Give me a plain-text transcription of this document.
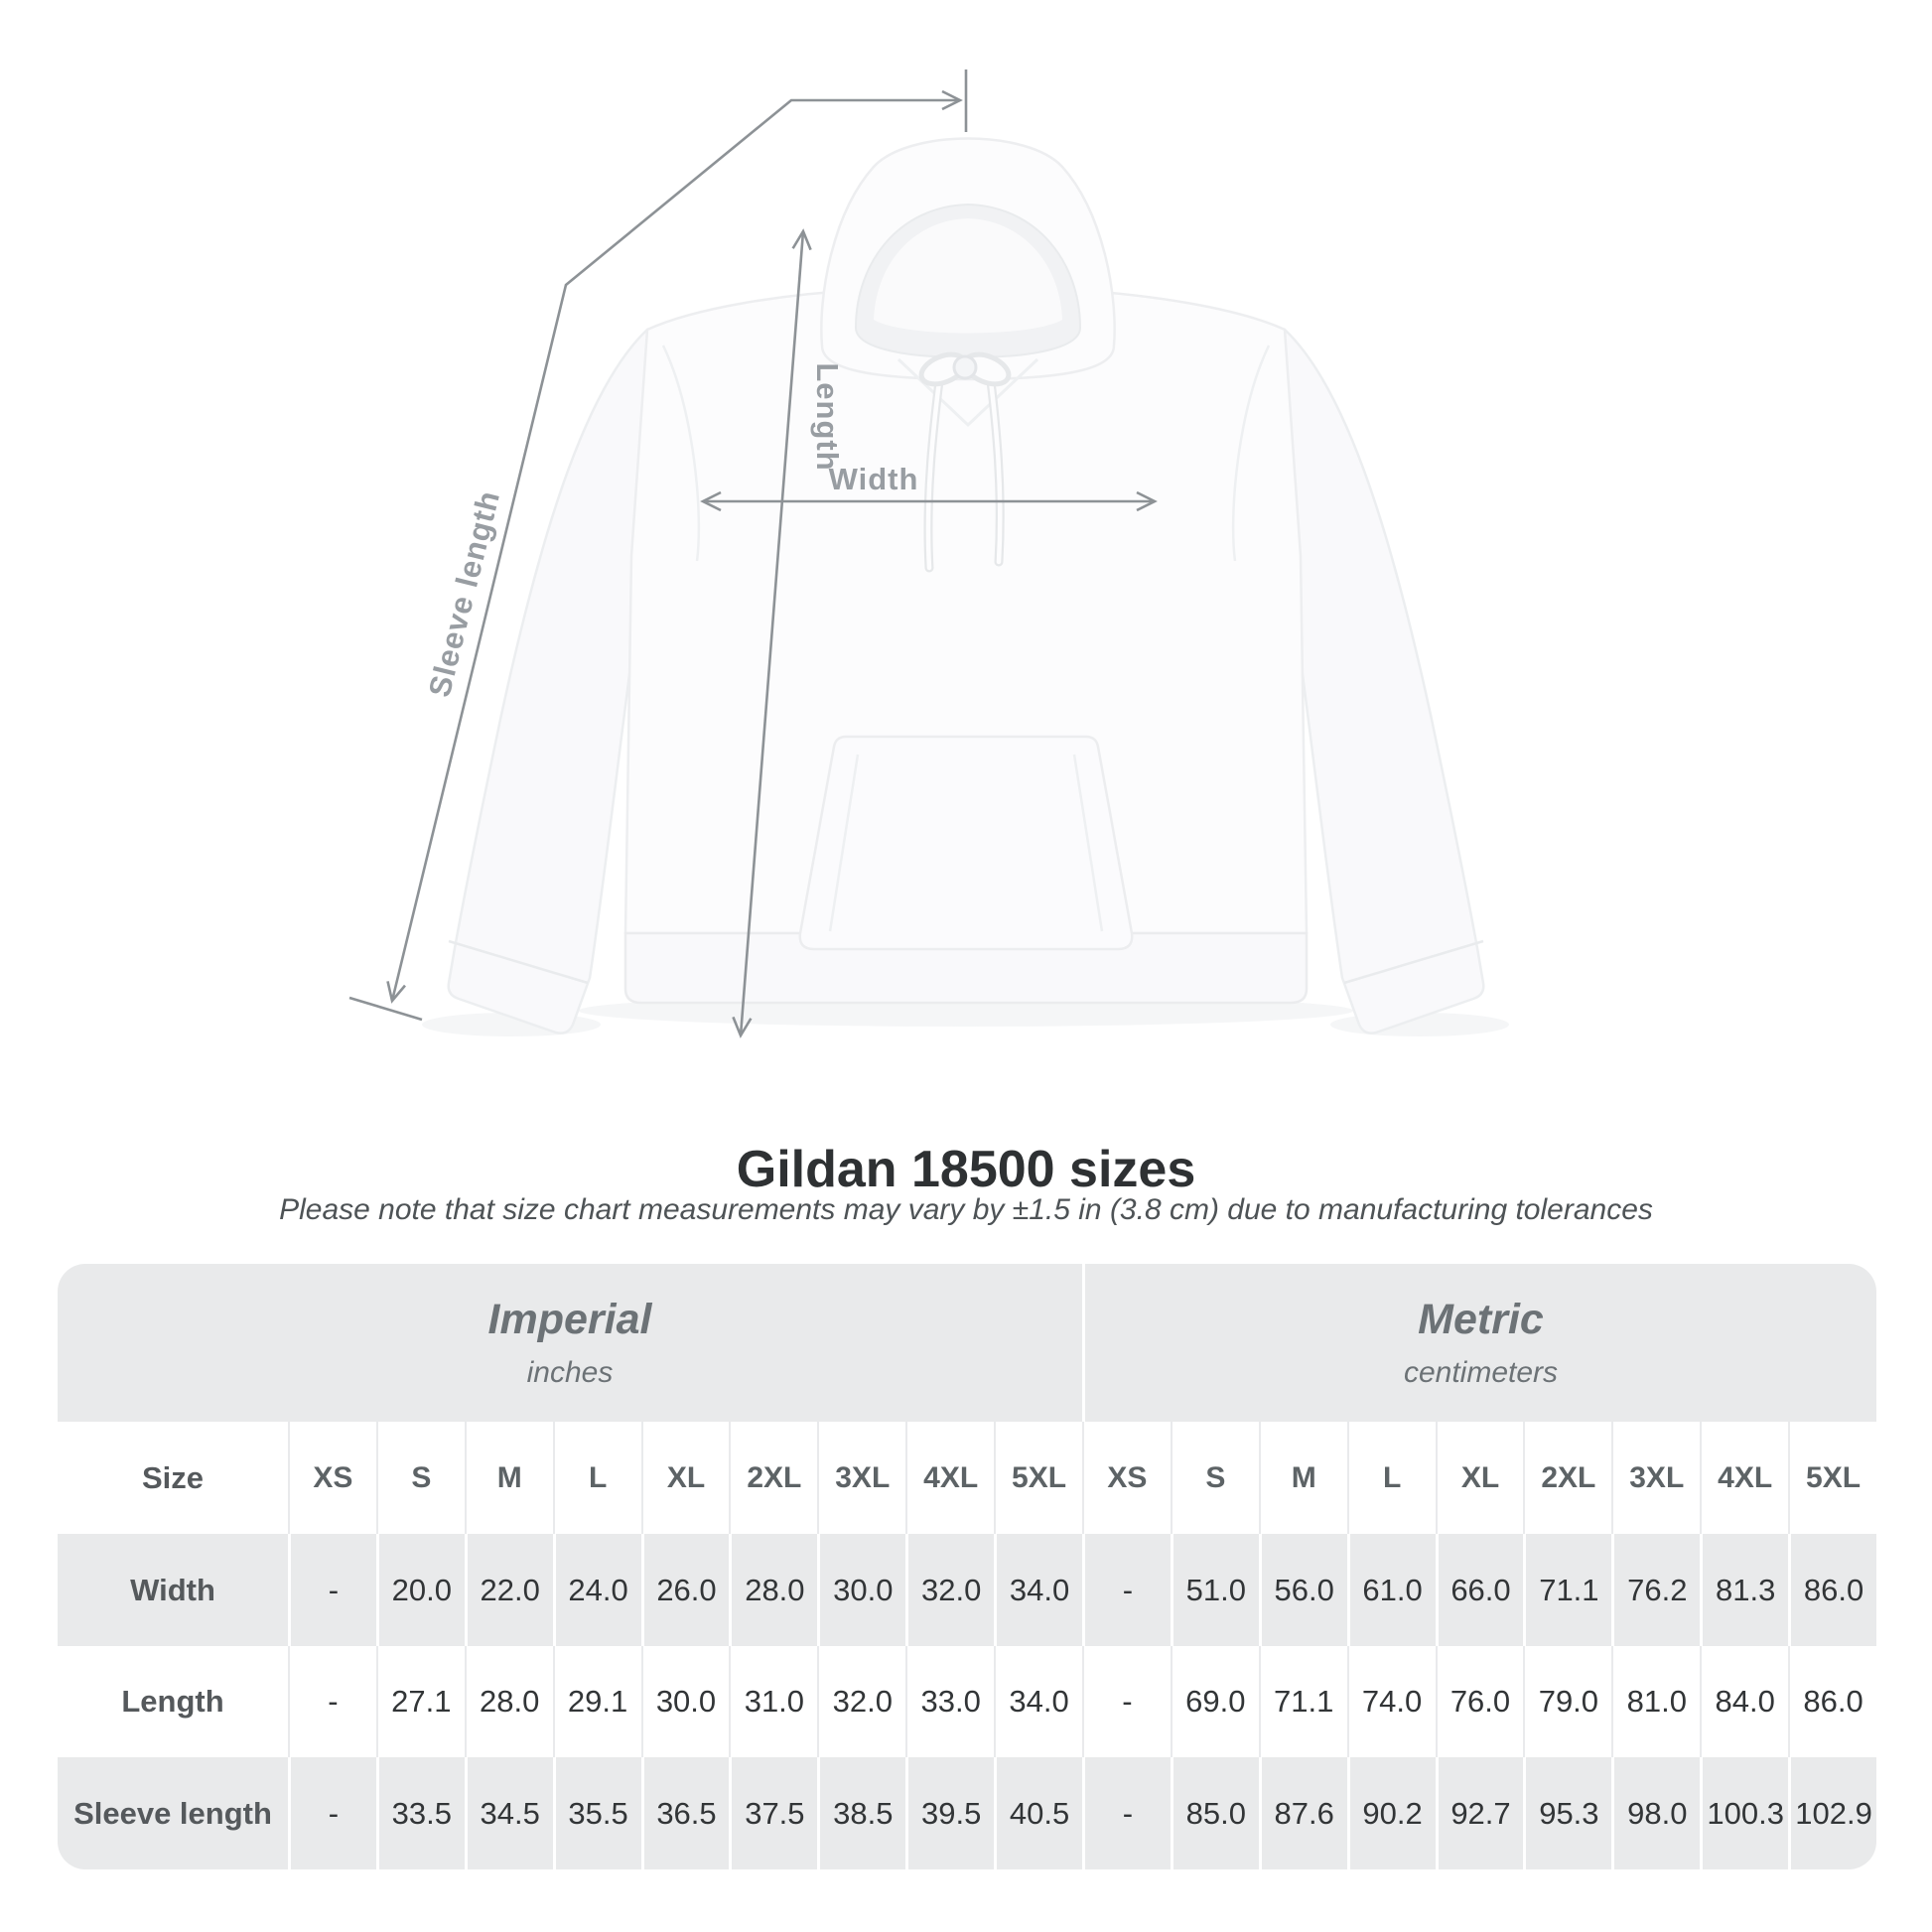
Length
Width
Sleeve length
Gildan 18500 sizes
Please note that size chart measurements may vary by ±1.5 in (3.8 cm) due to manufacturing tolerances
Imperial
inches
Metric
centimeters
Size	XS	S	M	L	XL	2XL	3XL	4XL	5XL	XS	S	M	L	XL	2XL	3XL	4XL	5XL
Width	-	20.0 22.0 24.0 26.0 28.0 30.0 32.0 34.0	-	51.0 56.0 61.0 66.0 71.1 76.2 81.3 86.0
Length	-	27.1 28.0 29.1 30.0 31.0 32.0 33.0 34.0	-	69.0 71.1 74.0 76.0 79.0 81.0 84.0 86.0
Sleeve length	-	33.5 34.5 35.5 36.5 37.5 38.5 39.5 40.5	-	85.0 87.6 90.2 92.7 95.3 98.0 100.3 102.9
